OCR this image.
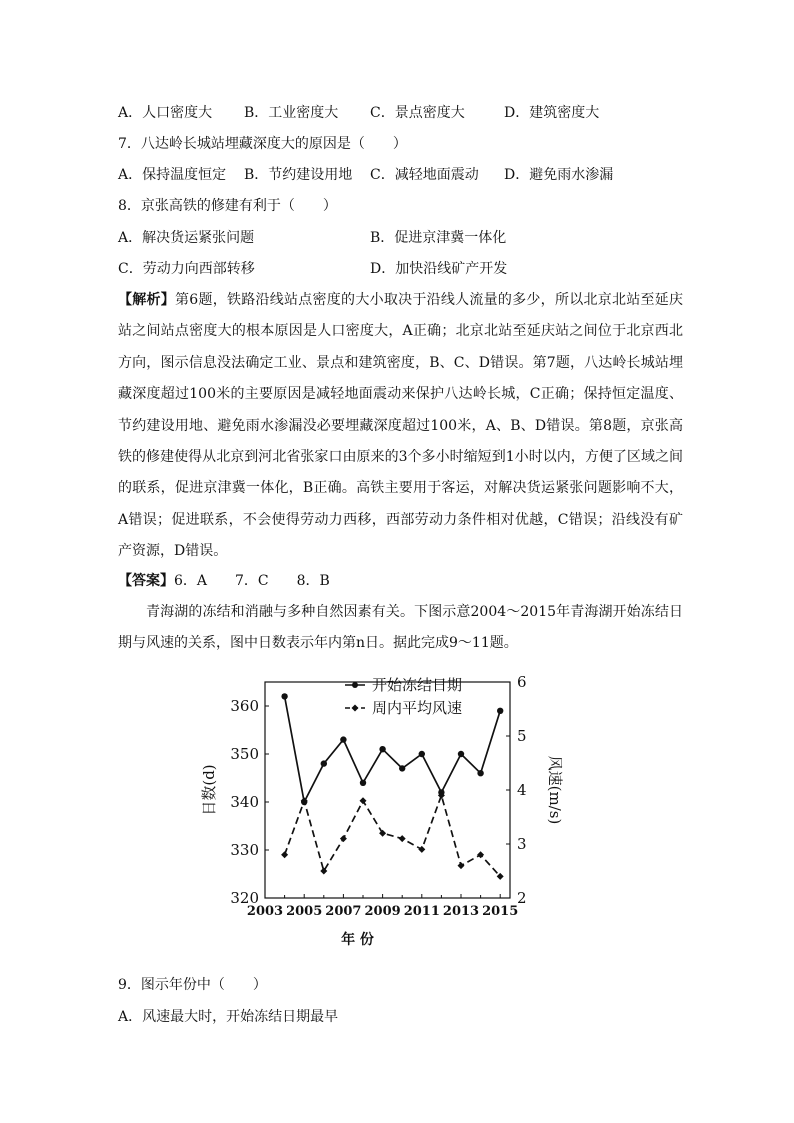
A．人口密度大 B．工业密度大 C．景点密度大	D．建筑密度大
7．八达岭长城站埋藏深度大的原因是（　　）
A．保持温度恒定 B．节约建设用地 C．减轻地面震动 D．避免雨水渗漏
8．京张高铁的修建有利于（　　）
A．解决货运紧张问题	B．促进京津冀一体化
C．劳动力向西部转移	D．加快沿线矿产开发
【解析】第6题，铁路沿线站点密度的大小取决于沿线人流量的多少，所以北京北站至延庆站之间站点密度大的根本原因是人口密度大，A正确；北京北站至延庆站之间位于北京西北方向，图示信息没法确定工业、景点和建筑密度，B、C、D错误。第7题，八达岭长城站埋藏深度超过100米的主要原因是减轻地面震动来保护八达岭长城，C正确；保持恒定温度、节约建设用地、避免雨水渗漏没必要埋藏深度超过100米，A、B、D错误。第8题，京张高铁的修建使得从北京到河北省张家口由原来的3个多小时缩短到1小时以内，方便了区域之间的联系，促进京津冀一体化，B正确。高铁主要用于客运，对解决货运紧张问题影响不大，A错误；促进联系，不会使得劳动力西移，西部劳动力条件相对优越，C错误；沿线没有矿产资源，D错误。
【答案】6．A　　7．C　　8．B
青海湖的冻结和消融与多种自然因素有关。下图示意2004～2015年青海湖开始冻结日期与风速的关系，图中日数表示年内第n日。据此完成9～11题。
开始冻结日期
周内平均风速
日数(d)	风速(m/s)
年 份
2003 2005 2007 2009 2011 2013 2015
320
330
340
350
360
2
3
4
5
6
9．图示年份中（　　）
A．风速最大时，开始冻结日期最早
